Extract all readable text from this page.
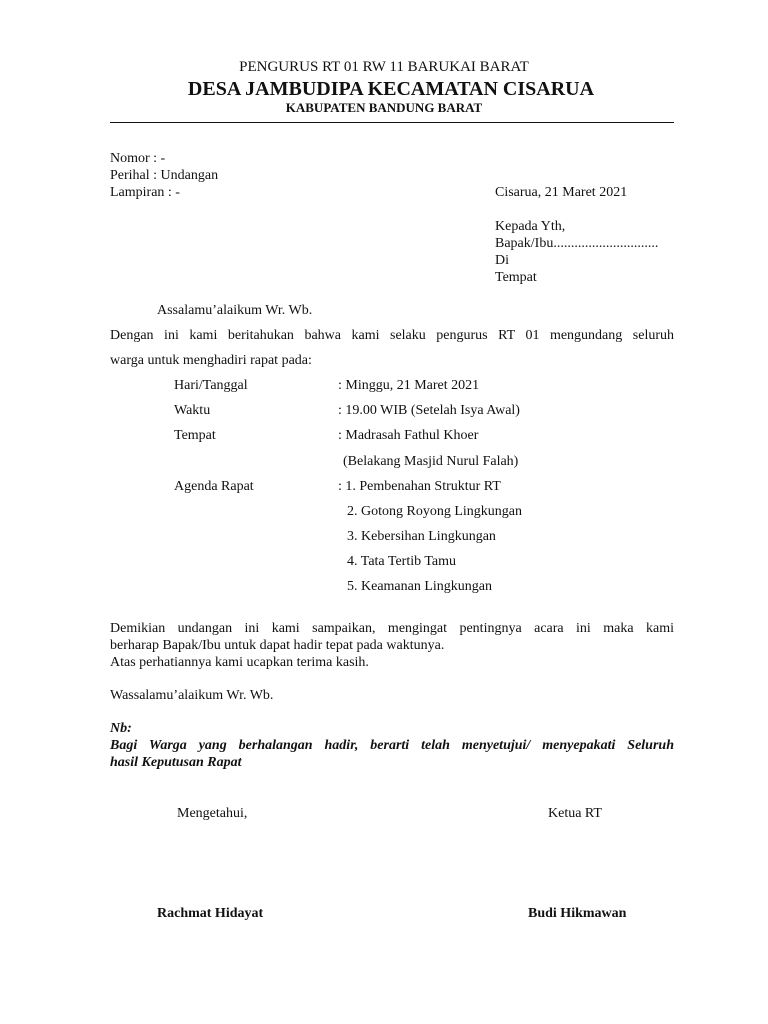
PENGURUS RT 01 RW 11 BARUKAI BARAT
DESA JAMBUDIPA KECAMATAN CISARUA
KABUPATEN BANDUNG BARAT
Nomor : -
Perihal : Undangan
Lampiran : -	Cisarua, 21 Maret 2021
Kepada Yth,
Bapak/Ibu..............................
Di
Tempat
Assalamu’alaikum Wr. Wb.
Dengan ini kami beritahukan bahwa kami selaku pengurus RT 01 mengundang seluruh
warga untuk menghadiri rapat pada:
Hari/Tanggal	: Minggu, 21 Maret 2021
Waktu	: 19.00 WIB (Setelah Isya Awal)
Tempat	: Madrasah Fathul Khoer
(Belakang Masjid Nurul Falah)
Agenda Rapat	: 1. Pembenahan Struktur RT
2. Gotong Royong Lingkungan
3. Kebersihan Lingkungan
4. Tata Tertib Tamu
5. Keamanan Lingkungan
Demikian undangan ini kami sampaikan, mengingat pentingnya acara ini maka kami
berharap Bapak/Ibu untuk dapat hadir tepat pada waktunya.
Atas perhatiannya kami ucapkan terima kasih.
Wassalamu’alaikum Wr. Wb.
Nb:
Bagi Warga yang berhalangan hadir, berarti telah menyetujui/ menyepakati Seluruh
hasil Keputusan Rapat
Mengetahui,	Ketua RT
Rachmat Hidayat	Budi Hikmawan
